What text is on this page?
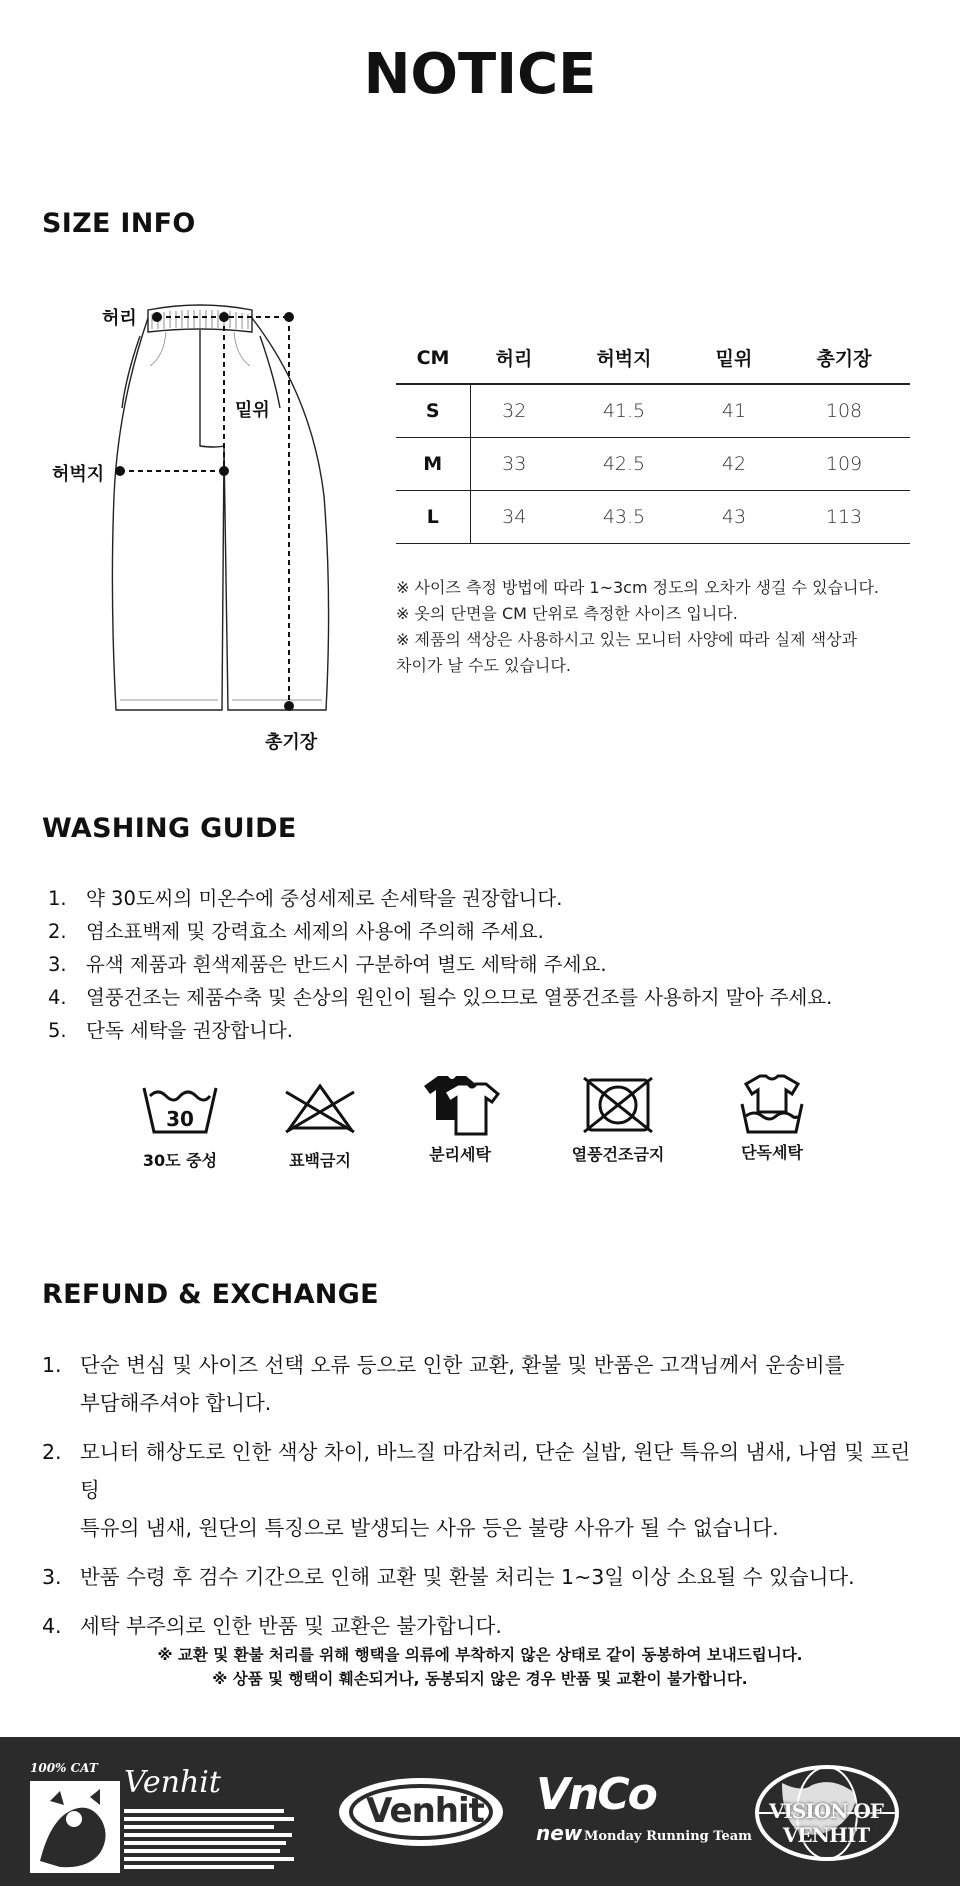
NOTICE
SIZE INFO
허리
밑위
허벅지
총기장
CM	허리	허벅지	밑위	총기장
S	32	41.5	41	108
M	33	42.5	42	109
L	34	43.5	43	113
※ 사이즈 측정 방법에 따라 1~3cm 정도의 오차가 생길 수 있습니다.
※ 옷의 단면을 CM 단위로 측정한 사이즈 입니다.
※ 제품의 색상은 사용하시고 있는 모니터 사양에 따라 실제 색상과
차이가 날 수도 있습니다.
WASHING GUIDE
1. 약 30도씨의 미온수에 중성세제로 손세탁을 권장합니다.
2. 염소표백제 및 강력효소 세제의 사용에 주의해 주세요.
3. 유색 제품과 흰색제품은 반드시 구분하여 별도 세탁해 주세요.
4. 열풍건조는 제품수축 및 손상의 원인이 될수 있으므로 열풍건조를 사용하지 말아 주세요.
5. 단독 세탁을 권장합니다.
30
30도 중성	표백금지	분리세탁	열풍건조금지	단독세탁
REFUND & EXCHANGE
1. 단순 변심 및 사이즈 선택 오류 등으로 인한 교환, 환불 및 반품은 고객님께서 운송비를
부담해주셔야 합니다.
2. 모니터 해상도로 인한 색상 차이, 바느질 마감처리, 단순 실밥, 원단 특유의 냄새, 나염 및 프린팅
특유의 냄새, 원단의 특징으로 발생되는 사유 등은 불량 사유가 될 수 없습니다.
3. 반품 수령 후 검수 기간으로 인해 교환 및 환불 처리는 1~3일 이상 소요될 수 있습니다.
4. 세탁 부주의로 인한 반품 및 교환은 불가합니다.
※ 교환 및 환불 처리를 위해 행택을 의류에 부착하지 않은 상태로 같이 동봉하여 보내드립니다.
※ 상품 및 행택이 훼손되거나, 동봉되지 않은 경우 반품 및 교환이 불가합니다.
100% CAT Venhit
Venhit VnCo
new Monday Running Team
VISION OF VENHIT
